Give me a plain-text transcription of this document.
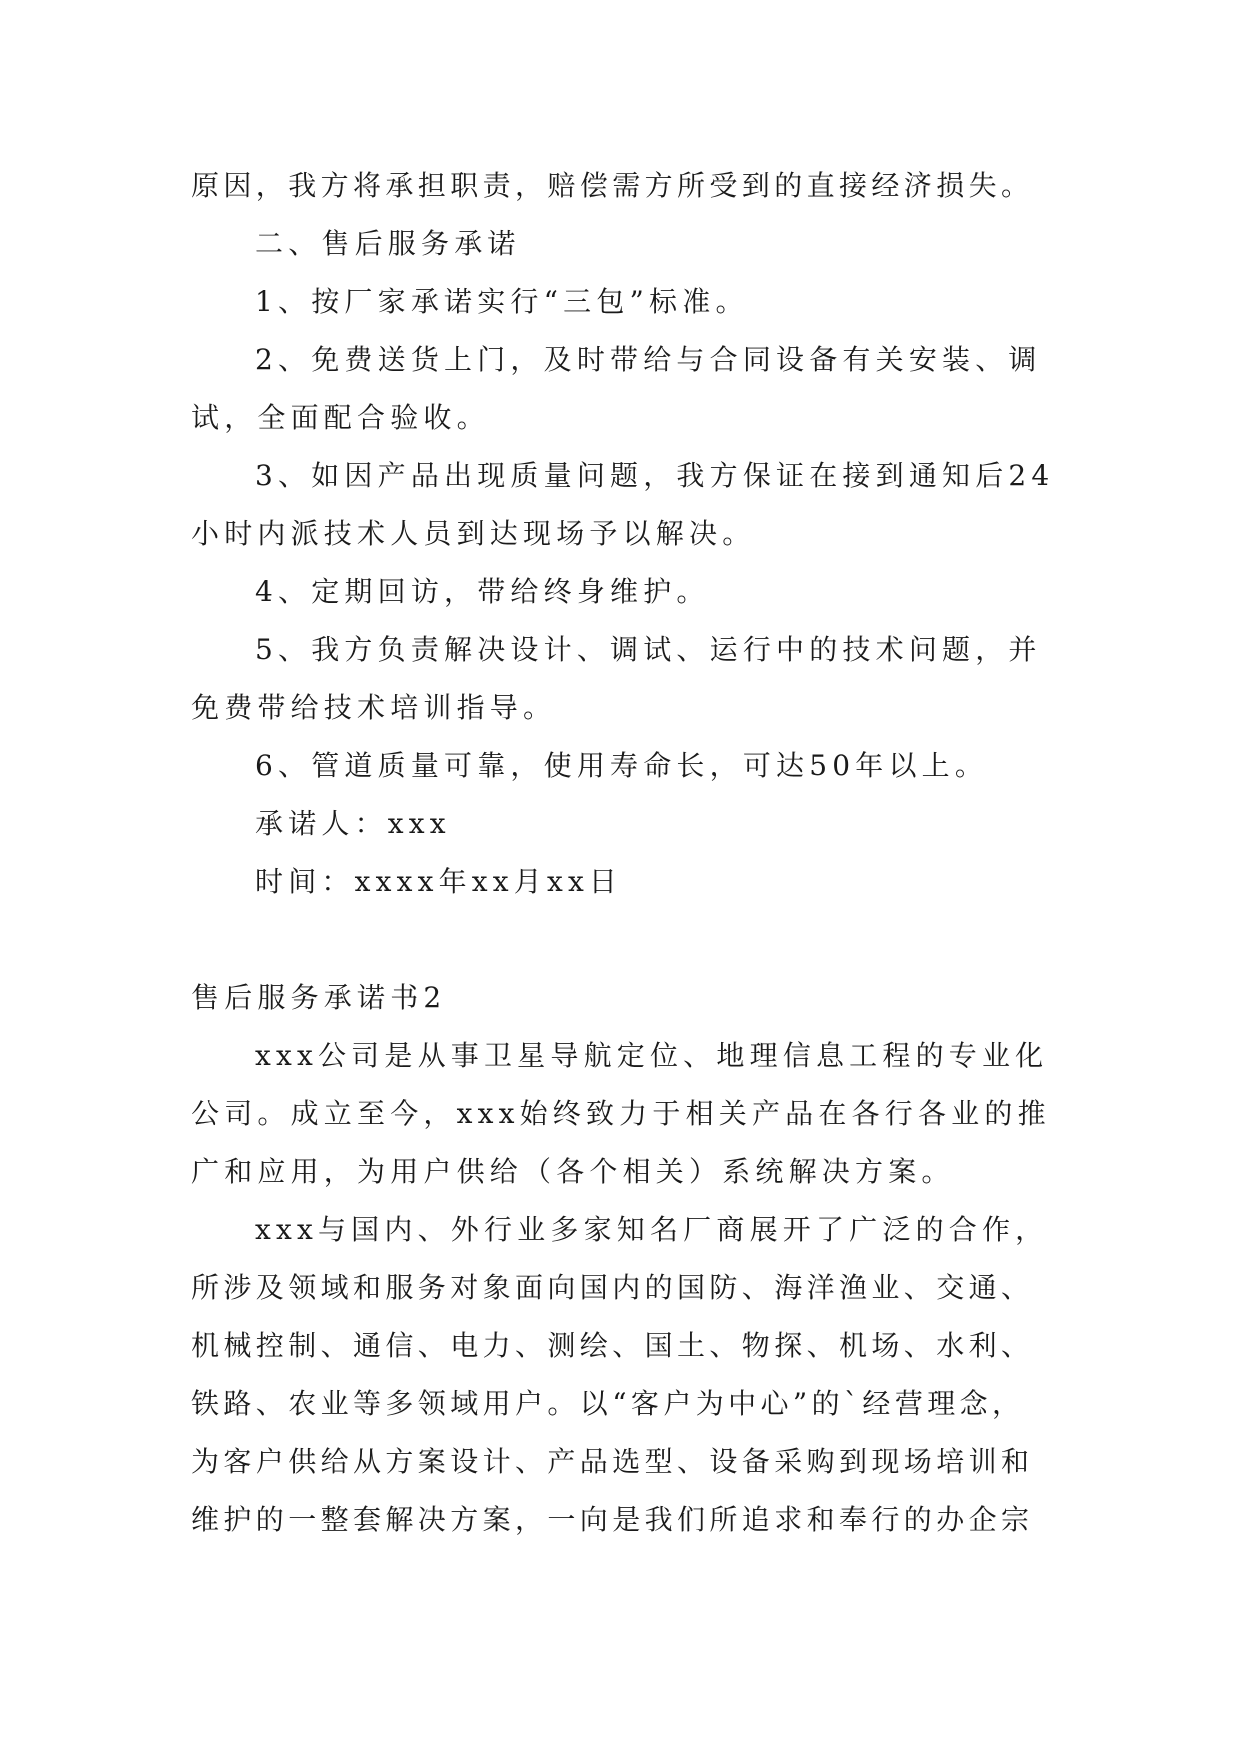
原因，我方将承担职责，赔偿需方所受到的直接经济损失。
二、售后服务承诺
1、按厂家承诺实行“三包”标准。
2、免费送货上门，及时带给与合同设备有关安装、调
试，全面配合验收。
3、如因产品出现质量问题，我方保证在接到通知后24
小时内派技术人员到达现场予以解决。
4、定期回访，带给终身维护。
5、我方负责解决设计、调试、运行中的技术问题，并
免费带给技术培训指导。
6、管道质量可靠，使用寿命长，可达50年以上。
承诺人：xxx
时间：xxxx年xx月xx日
售后服务承诺书2
xxx公司是从事卫星导航定位、地理信息工程的专业化
公司。成立至今，xxx始终致力于相关产品在各行各业的推
广和应用，为用户供给（各个相关）系统解决方案。
xxx与国内、外行业多家知名厂商展开了广泛的合作，
所涉及领域和服务对象面向国内的国防、海洋渔业、交通、
机械控制、通信、电力、测绘、国土、物探、机场、水利、
铁路、农业等多领域用户。以“客户为中心”的`经营理念，
为客户供给从方案设计、产品选型、设备采购到现场培训和
维护的一整套解决方案，一向是我们所追求和奉行的办企宗
